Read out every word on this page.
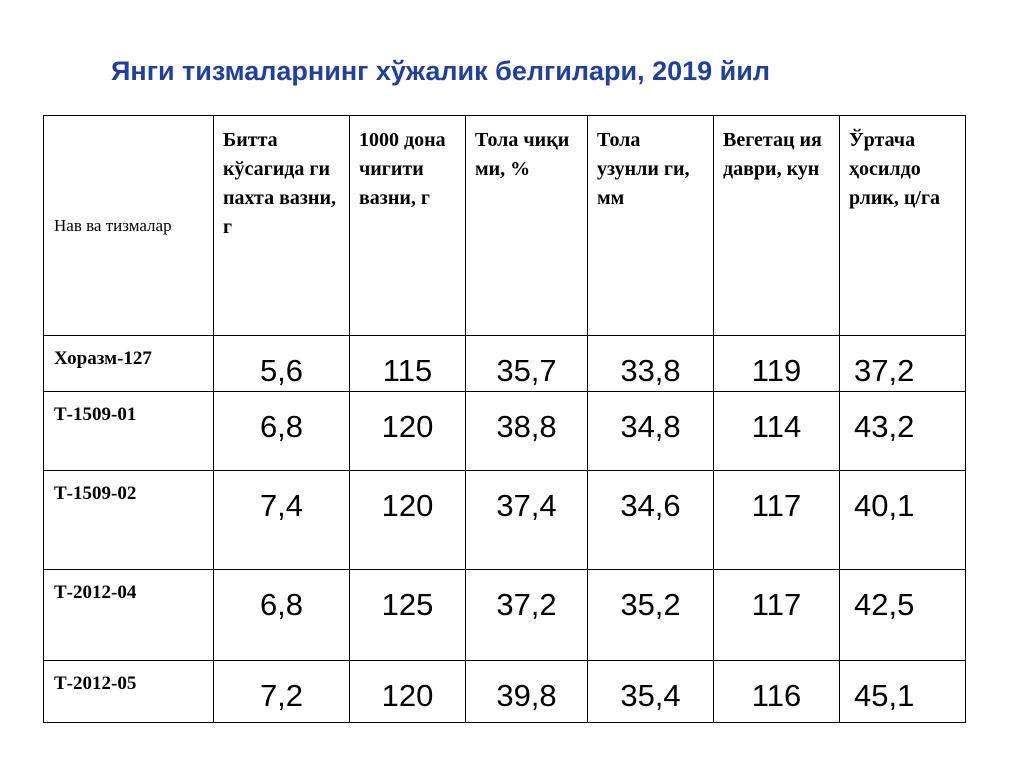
Янги тизмаларнинг хўжалик белгилари, 2019 йил
Нав ва тизмалар	Битта кўсагида ги пахта вазни, г	1000 дона чигити вазни, г	Тола чиқи ми, %	Тола узунли ги, мм	Вегетац ия даври, кун	Ўртача ҳосилдо рлик, ц/га
Хоразм-127	5,6	115	35,7	33,8	119	37,2
Т-1509-01	6,8	120	38,8	34,8	114	43,2
Т-1509-02	7,4	120	37,4	34,6	117	40,1
Т-2012-04	6,8	125	37,2	35,2	117	42,5
Т-2012-05	7,2	120	39,8	35,4	116	45,1
